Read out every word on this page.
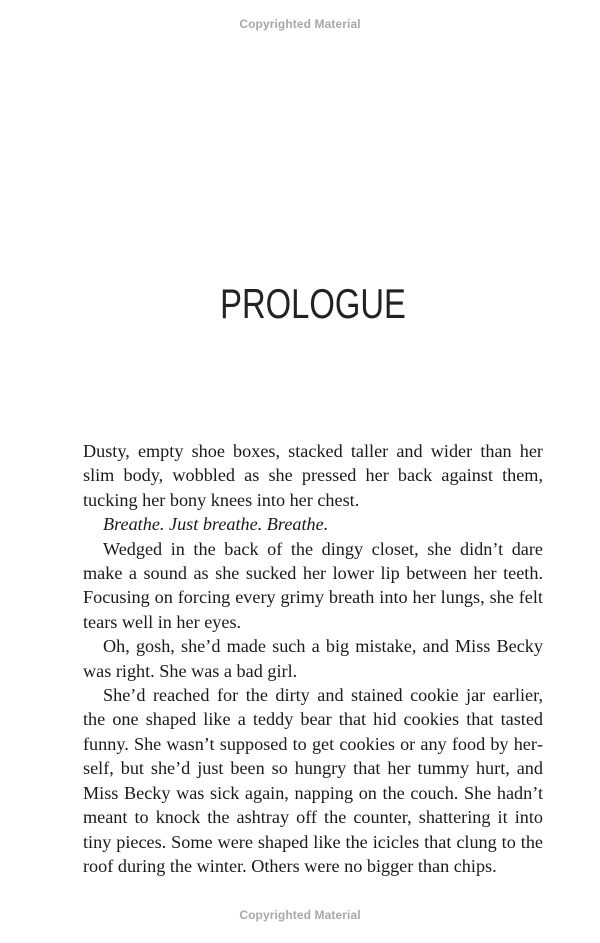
Copyrighted Material
PROLOGUE

Dusty, empty shoe boxes, stacked taller and wider than her slim body, wobbled as she pressed her back against them, tucking her bony knees into her chest.

Breathe. Just breathe. Breathe.

Wedged in the back of the dingy closet, she didn’t dare make a sound as she sucked her lower lip between her teeth. Focusing on forcing every grimy breath into her lungs, she felt tears well in her eyes.

Oh, gosh, she’d made such a big mistake, and Miss Becky was right. She was a bad girl.

She’d reached for the dirty and stained cookie jar earlier, the one shaped like a teddy bear that hid cookies that tasted funny. She wasn’t supposed to get cookies or any food by herself, but she’d just been so hungry that her tummy hurt, and Miss Becky was sick again, napping on the couch. She hadn’t meant to knock the ashtray off the counter, shattering it into tiny pieces. Some were shaped like the icicles that clung to the roof during the winter. Others were no bigger than chips.

Copyrighted Material
